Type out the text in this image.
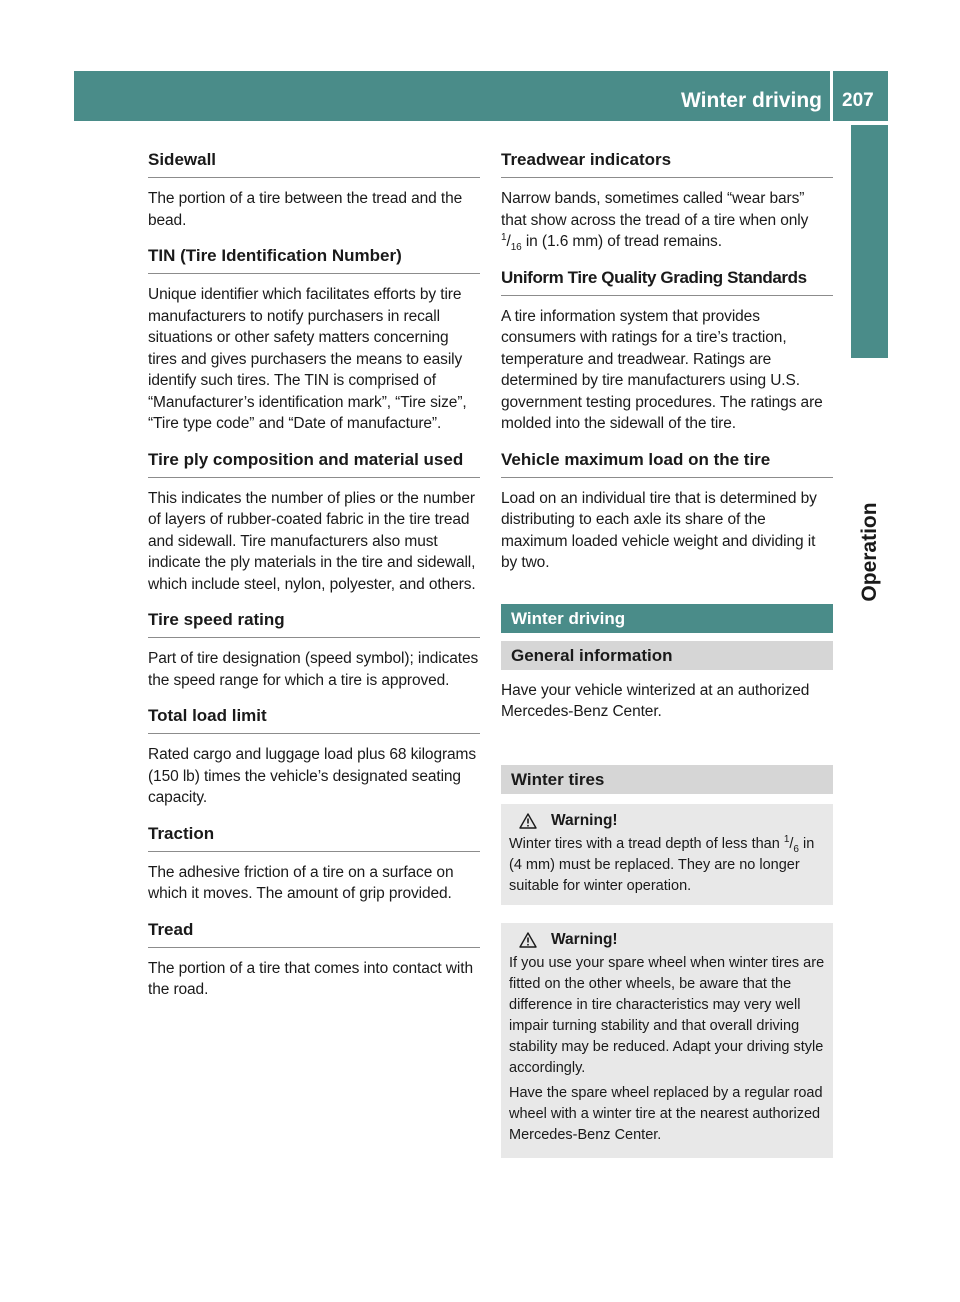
Winter driving 207
Operation
Sidewall
The portion of a tire between the tread and the bead.
TIN (Tire Identification Number)
Unique identifier which facilitates efforts by tire manufacturers to notify purchasers in recall situations or other safety matters concerning tires and gives purchasers the means to easily identify such tires. The TIN is comprised of “Manufacturer’s identification mark”, “Tire size”, “Tire type code” and “Date of manufacture”.
Tire ply composition and material used
This indicates the number of plies or the number of layers of rubber-coated fabric in the tire tread and sidewall. Tire manufacturers also must indicate the ply materials in the tire and sidewall, which include steel, nylon, polyester, and others.
Tire speed rating
Part of tire designation (speed symbol); indicates the speed range for which a tire is approved.
Total load limit
Rated cargo and luggage load plus 68 kilograms (150 lb) times the vehicle’s designated seating capacity.
Traction
The adhesive friction of a tire on a surface on which it moves. The amount of grip provided.
Tread
The portion of a tire that comes into contact with the road.
Treadwear indicators
Narrow bands, sometimes called “wear bars” that show across the tread of a tire when only $^1/_{16}$ in (1.6 mm) of tread remains.
Uniform Tire Quality Grading Standards
A tire information system that provides consumers with ratings for a tire’s traction, temperature and treadwear. Ratings are determined by tire manufacturers using U.S. government testing procedures. The ratings are molded into the sidewall of the tire.
Vehicle maximum load on the tire
Load on an individual tire that is determined by distributing to each axle its share of the maximum loaded vehicle weight and dividing it by two.
Winter driving
General information
Have your vehicle winterized at an authorized Mercedes-Benz Center.
Winter tires
Warning!
Winter tires with a tread depth of less than $^1/_6$ in (4 mm) must be replaced. They are no longer suitable for winter operation.
Warning!

If you use your spare wheel when winter tires are fitted on the other wheels, be aware that the difference in tire characteristics may very well impair turning stability and that overall driving stability may be reduced. Adapt your driving style accordingly.

Have the spare wheel replaced by a regular road wheel with a winter tire at the nearest authorized Mercedes-Benz Center.
